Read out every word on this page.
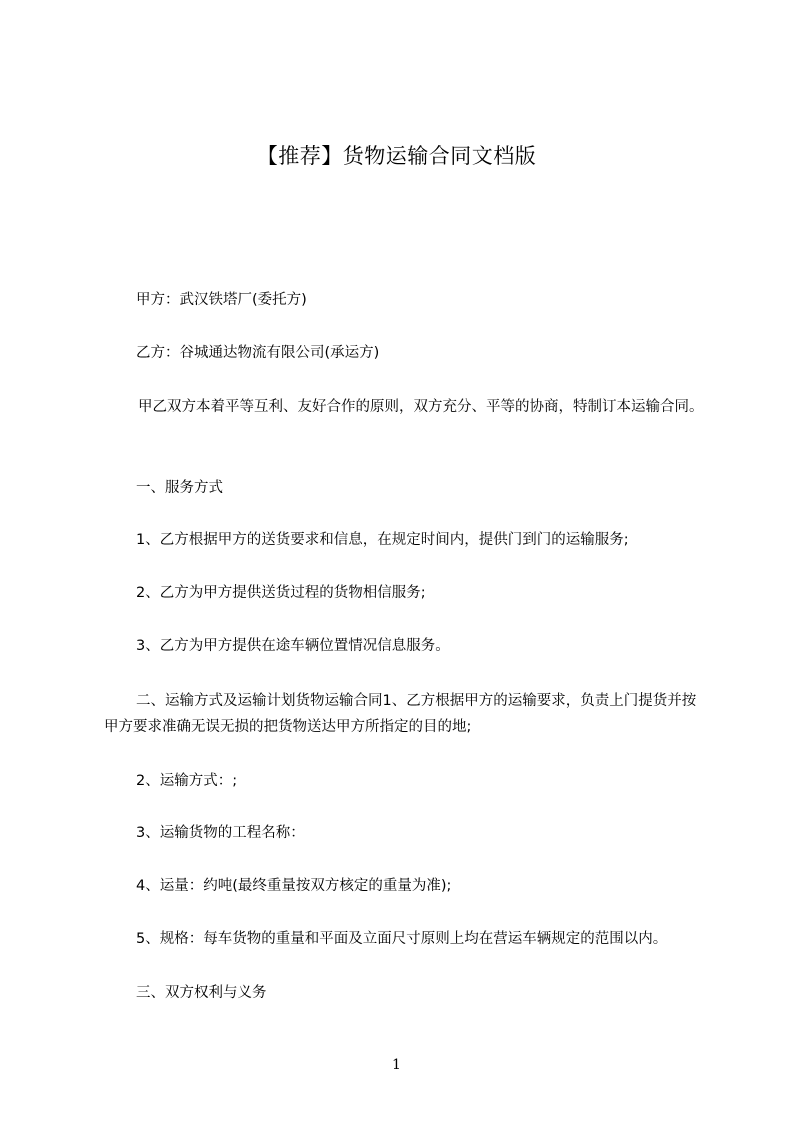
【推荐】货物运输合同文档版
甲方：武汉铁塔厂(委托方)
乙方：谷城通达物流有限公司(承运方)
甲乙双方本着平等互利、友好合作的原则，双方充分、平等的协商，特制订本运输合同。
一、服务方式
1、乙方根据甲方的送货要求和信息，在规定时间内，提供门到门的运输服务;
2、乙方为甲方提供送货过程的货物相信服务;
3、乙方为甲方提供在途车辆位置情况信息服务。
二、运输方式及运输计划货物运输合同1、乙方根据甲方的运输要求，负责上门提货并按甲方要求准确无误无损的把货物送达甲方所指定的目的地;
2、运输方式：;
3、运输货物的工程名称：
4、运量：约吨(最终重量按双方核定的重量为准);
5、规格：每车货物的重量和平面及立面尺寸原则上均在营运车辆规定的范围以内。
三、双方权利与义务
1
